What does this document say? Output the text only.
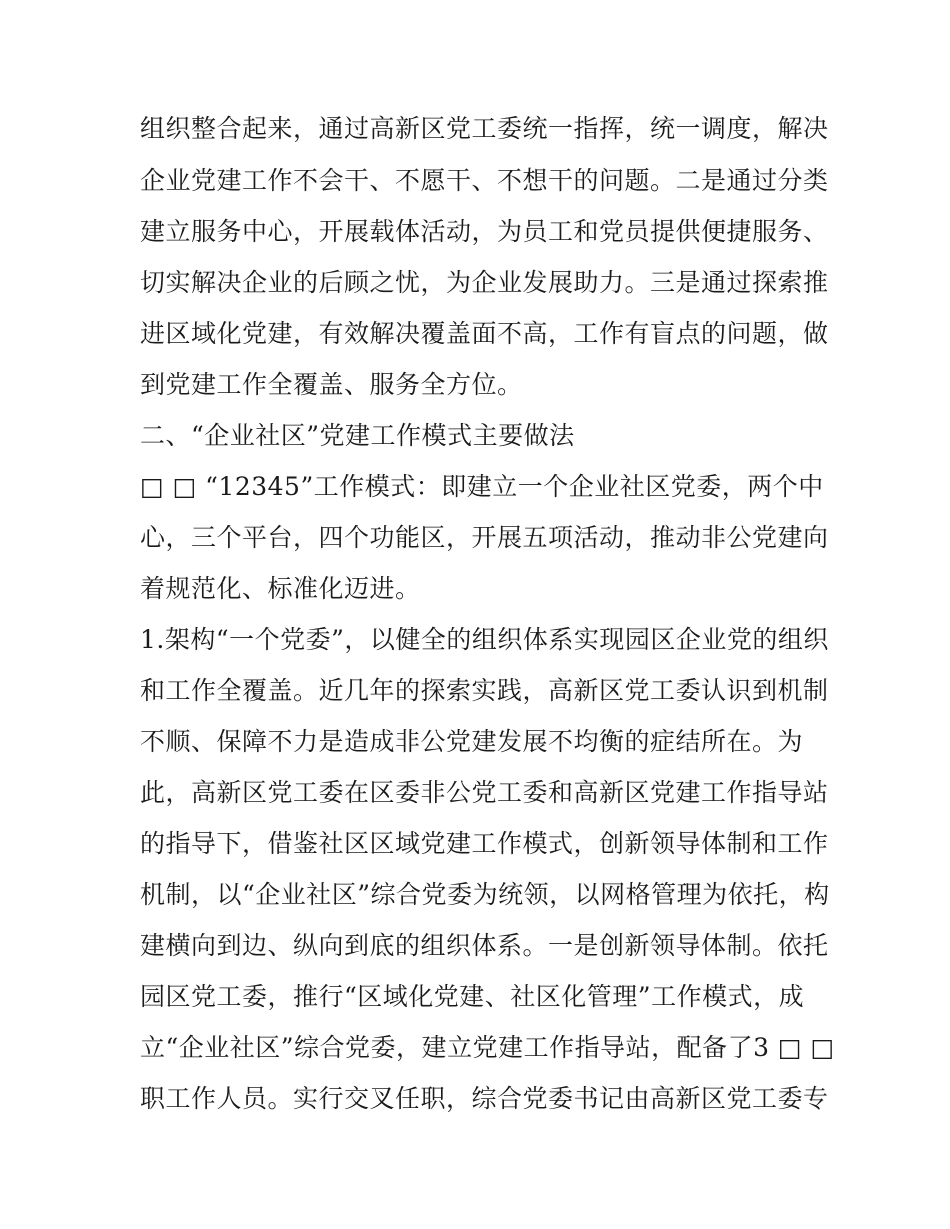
组织整合起来，通过高新区党工委统一指挥，统一调度，解决
企业党建工作不会干、不愿干、不想干的问题。二是通过分类
建立服务中心，开展载体活动，为员工和党员提供便捷服务、
切实解决企业的后顾之忧，为企业发展助力。三是通过探索推
进区域化党建，有效解决覆盖面不高，工作有盲点的问题，做
到党建工作全覆盖、服务全方位。
二、“企业社区”党建工作模式主要做法
□ □ “12345”工作模式：即建立一个企业社区党委，两个中
心，三个平台，四个功能区，开展五项活动，推动非公党建向
着规范化、标准化迈进。
1.架构“一个党委”，以健全的组织体系实现园区企业党的组织
和工作全覆盖。近几年的探索实践，高新区党工委认识到机制
不顺、保障不力是造成非公党建发展不均衡的症结所在。为
此，高新区党工委在区委非公党工委和高新区党建工作指导站
的指导下，借鉴社区区域党建工作模式，创新领导体制和工作
机制，以“企业社区”综合党委为统领，以网格管理为依托，构
建横向到边、纵向到底的组织体系。一是创新领导体制。依托
园区党工委，推行“区域化党建、社区化管理”工作模式，成
立“企业社区”综合党委，建立党建工作指导站，配备了3 □ □
职工作人员。实行交叉任职，综合党委书记由高新区党工委专
